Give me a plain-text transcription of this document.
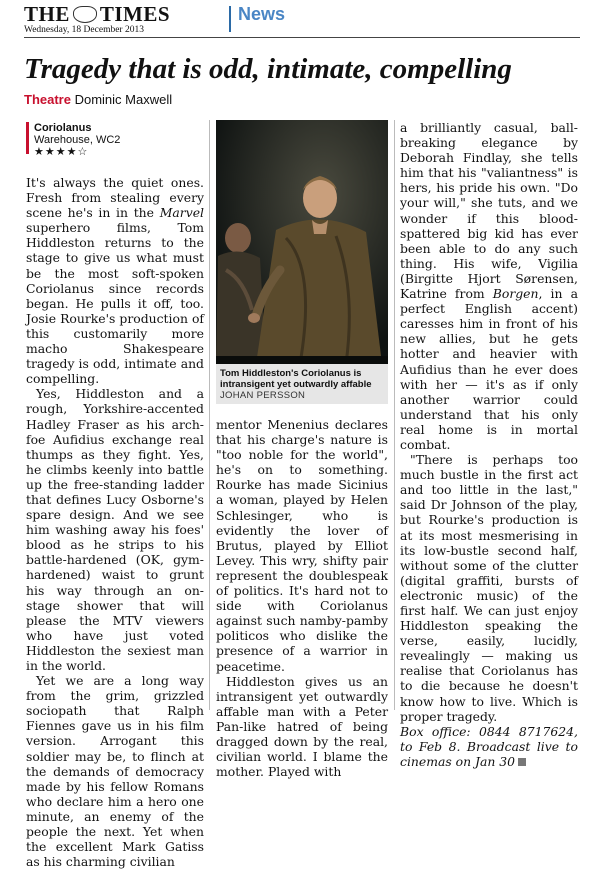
THE TIMES
Wednesday, 18 December 2013
News
Tragedy that is odd, intimate, compelling
Theatre Dominic Maxwell
Coriolanus
Warehouse, WC2
★★★★☆

It's always the quiet ones. Fresh from stealing every scene he's in in the Marvel superhero films, Tom Hiddleston returns to the stage to give us what must be the most soft-spoken Coriolanus since records began. He pulls it off, too. Josie Rourke's production of this customarily more macho Shakespeare tragedy is odd, intimate and compelling.

Yes, Hiddleston and a rough, Yorkshire-accented Hadley Fraser as his arch-foe Aufidius exchange real thumps as they fight. Yes, he climbs keenly into battle up the free-standing ladder that defines Lucy Osborne's spare design. And we see him washing away his foes' blood as he strips to his battle-hardened (OK, gym-hardened) waist to grunt his way through an on-stage shower that will please the MTV viewers who have just voted Hiddleston the sexiest man in the world.

Yet we are a long way from the grim, grizzled sociopath that Ralph Fiennes gave us in his film version. Arrogant this soldier may be, to flinch at the demands of democracy made by his fellow Romans who declare him a hero one minute, an enemy of the people the next. Yet when the excellent Mark Gatiss as his charming civilian

Tom Hiddleston's Coriolanus is intransigent yet outwardly affable
JOHAN PERSSON

mentor Menenius declares that his charge's nature is "too noble for the world", he's on to something. Rourke has made Sicinius a woman, played by Helen Schlesinger, who is evidently the lover of Brutus, played by Elliot Levey. This wry, shifty pair represent the doublespeak of politics. It's hard not to side with Coriolanus against such namby-pamby politicos who dislike the presence of a warrior in peacetime.

Hiddleston gives us an intransigent yet outwardly affable man with a Peter Pan-like hatred of being dragged down by the real, civilian world. I blame the mother. Played with

a brilliantly casual, ball-breaking elegance by Deborah Findlay, she tells him that his "valiantness" is hers, his pride his own. "Do your will," she tuts, and we wonder if this blood-spattered big kid has ever been able to do any such thing. His wife, Vigilia (Birgitte Hjort Sørensen, Katrine from Borgen, in a perfect English accent) caresses him in front of his new allies, but he gets hotter and heavier with Aufidius than he ever does with her — it's as if only another warrior could understand that his only real home is in mortal combat.

"There is perhaps too much bustle in the first act and too little in the last," said Dr Johnson of the play, but Rourke's production is at its most mesmerising in its low-bustle second half, without some of the clutter (digital graffiti, bursts of electronic music) of the first half. We can just enjoy Hiddleston speaking the verse, easily, lucidly, revealingly — making us realise that Coriolanus has to die because he doesn't know how to live. Which is proper tragedy.

Box office: 0844 8717624, to Feb 8. Broadcast live to cinemas on Jan 30
